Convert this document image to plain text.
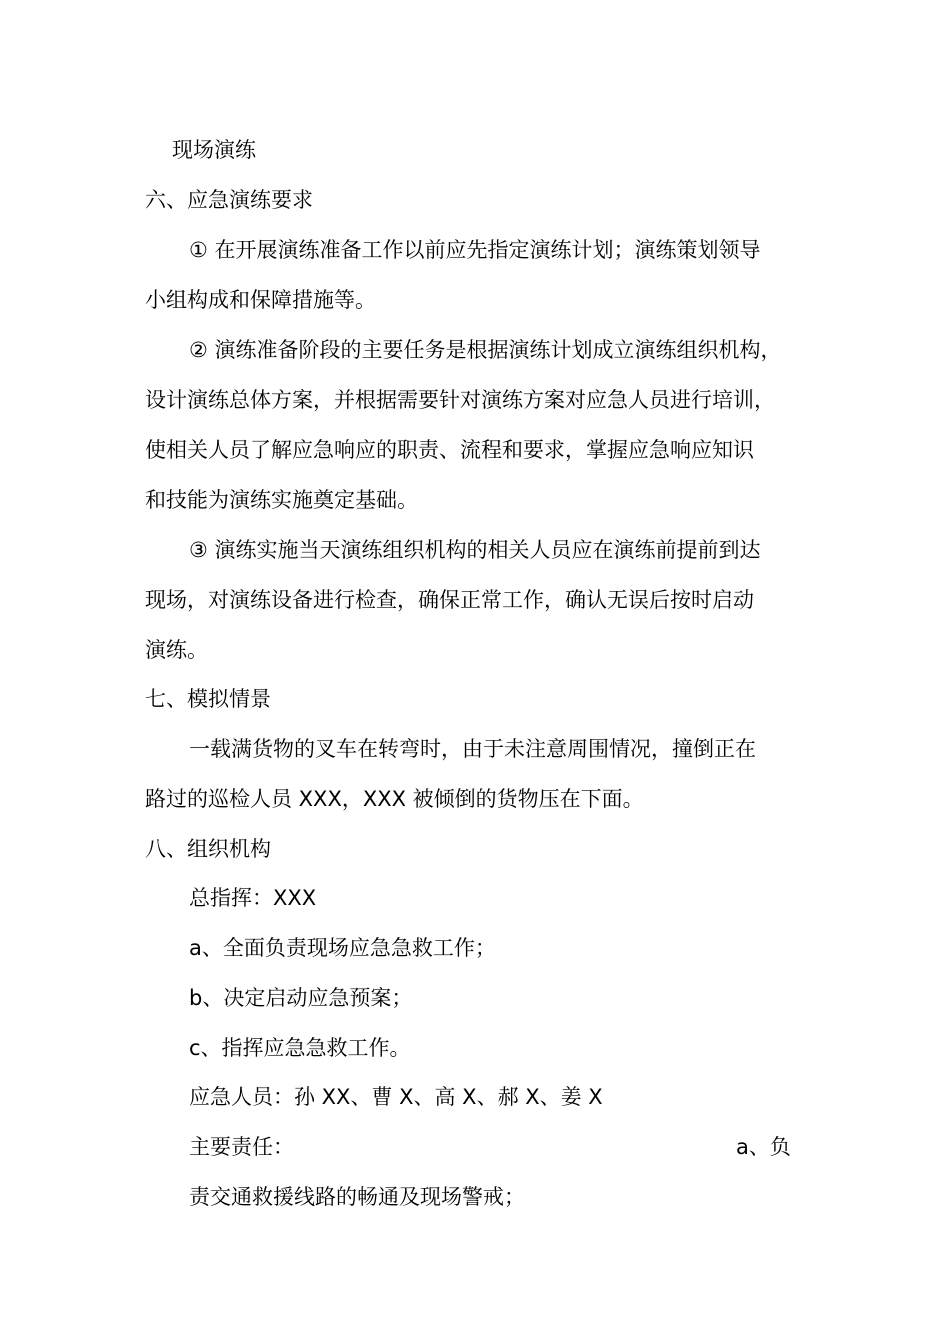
现场演练
六、应急演练要求
① 在开展演练准备工作以前应先指定演练计划；演练策划领导
小组构成和保障措施等。
② 演练准备阶段的主要任务是根据演练计划成立演练组织机构，
设计演练总体方案，并根据需要针对演练方案对应急人员进行培训，
使相关人员了解应急响应的职责、流程和要求，掌握应急响应知识
和技能为演练实施奠定基础。
③ 演练实施当天演练组织机构的相关人员应在演练前提前到达
现场，对演练设备进行检查，确保正常工作，确认无误后按时启动
演练。
七、模拟情景
一载满货物的叉车在转弯时，由于未注意周围情况，撞倒正在
路过的巡检人员 XXX，XXX 被倾倒的货物压在下面。
八、组织机构
总指挥：XXX
a、全面负责现场应急急救工作；
b、决定启动应急预案；
c、指挥应急急救工作。
应急人员：孙 XX、曹 X、高 X、郝 X、姜 X
主要责任：	a、负
责交通救援线路的畅通及现场警戒；
